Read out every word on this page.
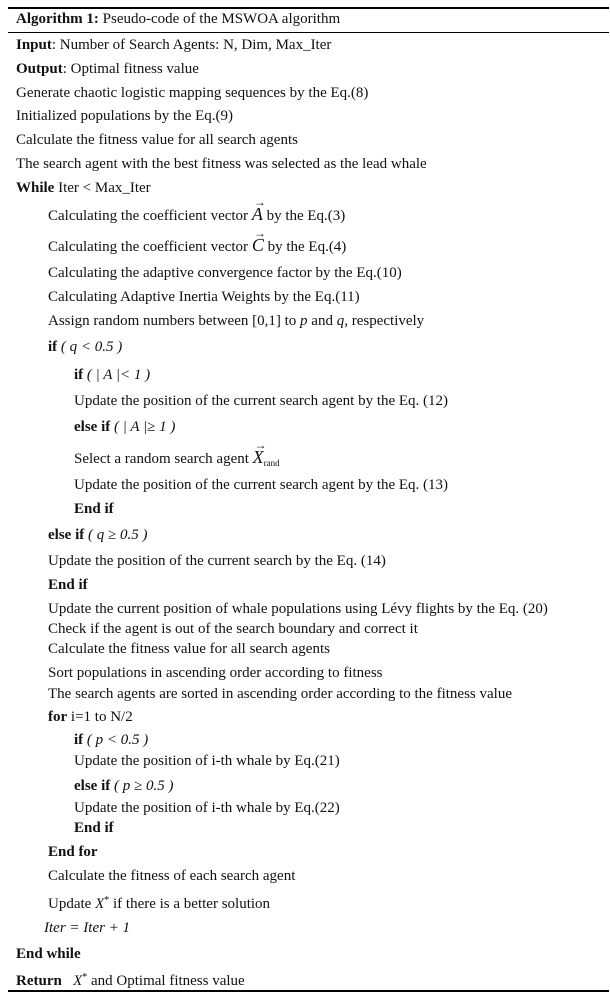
Algorithm 1: Pseudo-code of the MSWOA algorithm
Input: Number of Search Agents: N, Dim, Max_Iter
Output: Optimal fitness value
Generate chaotic logistic mapping sequences by the Eq.(8)
Initialized populations by the Eq.(9)
Calculate the fitness value for all search agents
The search agent with the best fitness was selected as the lead whale
While Iter < Max_Iter
Calculating the coefficient vector → A by the Eq.(3)
Calculating the coefficient vector → C by the Eq.(4)
Calculating the adaptive convergence factor by the Eq.(10)
Calculating Adaptive Inertia Weights by the Eq.(11)
Assign random numbers between [0,1] to p and q, respectively
if ( q < 0.5 )
if ( | A |< 1 )
Update the position of the current search agent by the Eq. (12)
else if ( | A |≥ 1 )
Select a random search agent → $X_{rand}$
Update the position of the current search agent by the Eq. (13)
End if
else if ( q ≥ 0.5 )
Update the position of the current search by the Eq. (14)
End if
Update the current position of whale populations using Lévy flights by the Eq. (20)
Check if the agent is out of the search boundary and correct it
Calculate the fitness value for all search agents
Sort populations in ascending order according to fitness
The search agents are sorted in ascending order according to the fitness value
for i=1 to N/2
if ( p < 0.5 )
Update the position of i-th whale by Eq.(21)
else if ( p ≥ 0.5 )
Update the position of i-th whale by Eq.(22)
End if
End for
Calculate the fitness of each search agent
Update X* if there is a better solution
Iter = Iter + 1
End while
Return X* and Optimal fitness value
